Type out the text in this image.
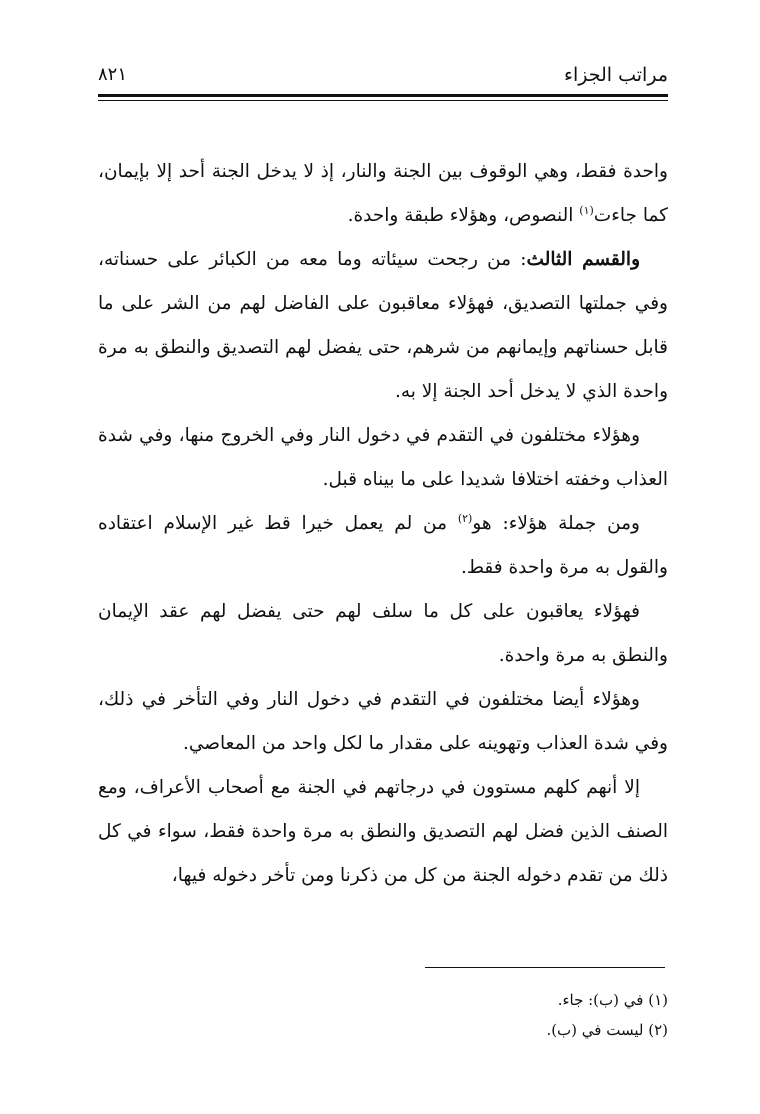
مراتب الجزاء
٨٢١

واحدة فقط، وهي الوقوف بين الجنة والنار، إذ لا يدخل الجنة أحد إلا بإيمان، كما جاءت$^{(١)}$ النصوص، وهؤلاء طبقة واحدة.

والقسم الثالث: من رجحت سيئاته وما معه من الكبائر على حسناته، وفي جملتها التصديق، فهؤلاء معاقبون على الفاضل لهم من الشر على ما قابل حسناتهم وإيمانهم من شرهم، حتى يفضل لهم التصديق والنطق به مرة واحدة الذي لا يدخل أحد الجنة إلا به.

وهؤلاء مختلفون في التقدم في دخول النار وفي الخروج منها، وفي شدة العذاب وخفته اختلافا شديدا على ما بيناه قبل.

ومن جملة هؤلاء: هو$^{(٢)}$ من لم يعمل خيرا قط غير الإسلام اعتقاده والقول به مرة واحدة فقط.

فهؤلاء يعاقبون على كل ما سلف لهم حتى يفضل لهم عقد الإيمان والنطق به مرة واحدة.

وهؤلاء أيضا مختلفون في التقدم في دخول النار وفي التأخر في ذلك، وفي شدة العذاب وتهوينه على مقدار ما لكل واحد من المعاصي.

إلا أنهم كلهم مستوون في درجاتهم في الجنة مع أصحاب الأعراف، ومع الصنف الذين فضل لهم التصديق والنطق به مرة واحدة فقط، سواء في كل ذلك من تقدم دخوله الجنة من كل من ذكرنا ومن تأخر دخوله فيها،

(١) في (ب): جاء.

(٢) ليست في (ب).
